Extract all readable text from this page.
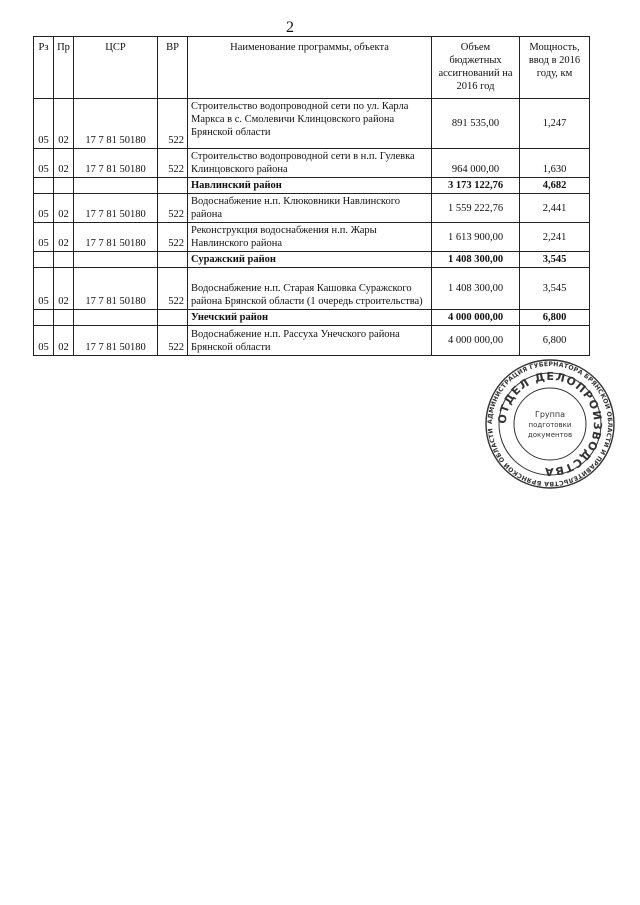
2
Рз	Пр	ЦСР	ВР	Наименование программы, объекта	Объем бюджетных ассигнований на 2016 год	Мощность, ввод в 2016 году, км
05	02	17 7 81 50180	522	Строительство водопроводной сети по ул. Карла Маркса в с. Смолевичи Клинцовского района Брянской области	891 535,00	1,247
05	02	17 7 81 50180	522	Строительство водопроводной сети в н.п. Гулевка Клинцовского района	964 000,00	1,630
				Навлинский район	3 173 122,76	4,682
05	02	17 7 81 50180	522	Водоснабжение н.п. Клюковники Навлинского района	1 559 222,76	2,441
05	02	17 7 81 50180	522	Реконструкция водоснабжения н.п. Жары Навлинского района	1 613 900,00	2,241
				Суражский район	1 408 300,00	3,545
05	02	17 7 81 50180	522	Водоснабжение н.п. Старая Кашовка Суражского района Брянской области (1 очередь строительства)	1 408 300,00	3,545
				Унечский район	4 000 000,00	6,800
05	02	17 7 81 50180	522	Водоснабжение н.п. Рассуха Унечского района Брянской области	4 000 000,00	6,800
АДМИНИСТРАЦИЯ ГУБЕРНАТОРА БРЯНСКОЙ ОБЛАСТИ И ПРАВИТЕЛЬСТВА БРЯНСКОЙ ОБЛАСТИ
ОТДЕЛ ДЕЛОПРОИЗВОДСТВА
Группа
подготовки
документов
